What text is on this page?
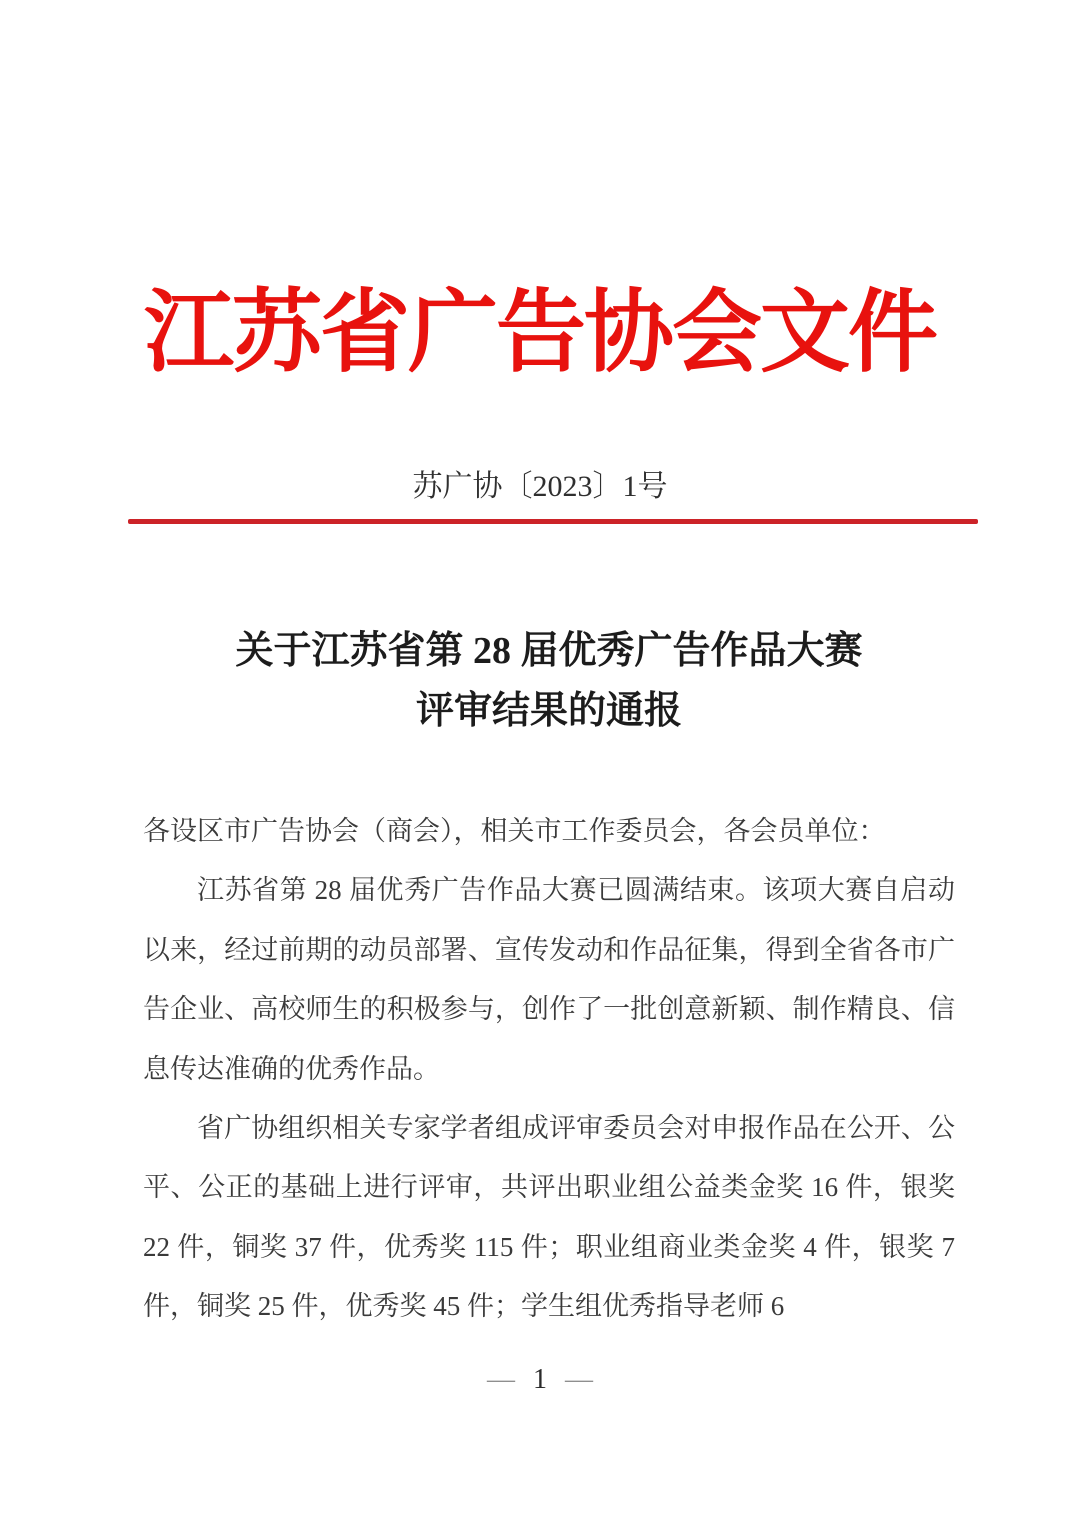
江苏省广告协会文件
苏广协〔2023〕1号
关于江苏省第 28 届优秀广告作品大赛
评审结果的通报

各设区市广告协会（商会），相关市工作委员会，各会员单位：

江苏省第 28 届优秀广告作品大赛已圆满结束。该项大赛自启动以来，经过前期的动员部署、宣传发动和作品征集，得到全省各市广告企业、高校师生的积极参与，创作了一批创意新颖、制作精良、信息传达准确的优秀作品。

省广协组织相关专家学者组成评审委员会对申报作品在公开、公平、公正的基础上进行评审，共评出职业组公益类金奖 16 件，银奖 22 件，铜奖 37 件，优秀奖 115 件；职业组商业类金奖 4 件，银奖 7 件，铜奖 25 件，优秀奖 45 件；学生组优秀指导老师 6

— 1 —
